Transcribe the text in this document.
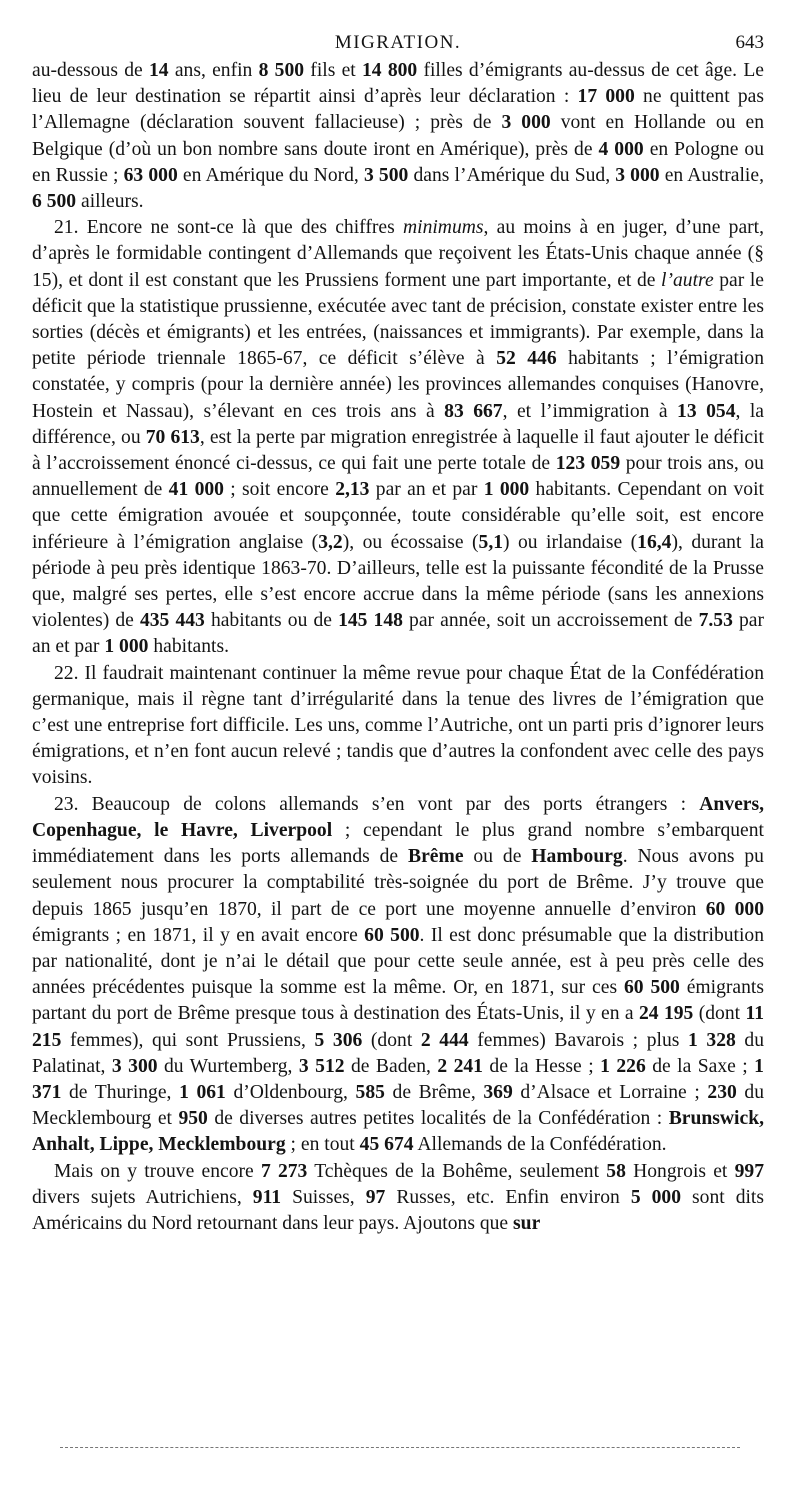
MIGRATION.	643

au-dessous de 14 ans, enfin 8 500 fils et 14 800 filles d’émigrants au-dessus de cet âge. Le lieu de leur destination se répartit ainsi d’après leur déclaration : 17 000 ne quittent pas l’Allemagne (déclaration souvent fallacieuse) ; près de 3 000 vont en Hollande ou en Belgique (d’où un bon nombre sans doute iront en Amérique), près de 4 000 en Pologne ou en Russie ; 63 000 en Amérique du Nord, 3 500 dans l’Amérique du Sud, 3 000 en Australie, 6 500 ailleurs.

21. Encore ne sont-ce là que des chiffres minimums, au moins à en juger, d’une part, d’après le formidable contingent d’Allemands que reçoivent les États-Unis chaque année (§ 15), et dont il est constant que les Prussiens forment une part importante, et de l’autre par le déficit que la statistique prussienne, exécutée avec tant de précision, constate exister entre les sorties (décès et émigrants) et les entrées, (naissances et immigrants). Par exemple, dans la petite période triennale 1865-67, ce déficit s’élève à 52 446 habitants ; l’émigration constatée, y compris (pour la dernière année) les provinces allemandes conquises (Hanovre, Hostein et Nassau), s’élevant en ces trois ans à 83 667, et l’immigration à 13 054, la différence, ou 70 613, est la perte par migration enregistrée à laquelle il faut ajouter le déficit à l’accroissement énoncé ci-dessus, ce qui fait une perte totale de 123 059 pour trois ans, ou annuellement de 41 000 ; soit encore 2,13 par an et par 1 000 habitants. Cependant on voit que cette émigration avouée et soupçonnée, toute considérable qu’elle soit, est encore inférieure à l’émigration anglaise (3,2), ou écossaise (5,1) ou irlandaise (16,4), durant la période à peu près identique 1863-70. D’ailleurs, telle est la puissante fécondité de la Prusse que, malgré ses pertes, elle s’est encore accrue dans la même période (sans les annexions violentes) de 435 443 habitants ou de 145 148 par année, soit un accroissement de 7.53 par an et par 1 000 habitants.

22. Il faudrait maintenant continuer la même revue pour chaque État de la Confédération germanique, mais il règne tant d’irrégularité dans la tenue des livres de l’émigration que c’est une entreprise fort difficile. Les uns, comme l’Autriche, ont un parti pris d’ignorer leurs émigrations, et n’en font aucun relevé ; tandis que d’autres la confondent avec celle des pays voisins.

23. Beaucoup de colons allemands s’en vont par des ports étrangers : Anvers, Copenhague, le Havre, Liverpool ; cependant le plus grand nombre s’embarquent immédiatement dans les ports allemands de Brême ou de Hambourg. Nous avons pu seulement nous procurer la comptabilité très-soignée du port de Brême. J’y trouve que depuis 1865 jusqu’en 1870, il part de ce port une moyenne annuelle d’environ 60 000 émigrants ; en 1871, il y en avait encore 60 500. Il est donc présumable que la distribution par nationalité, dont je n’ai le détail que pour cette seule année, est à peu près celle des années précédentes puisque la somme est la même. Or, en 1871, sur ces 60 500 émigrants partant du port de Brême presque tous à destination des États-Unis, il y en a 24 195 (dont 11 215 femmes), qui sont Prussiens, 5 306 (dont 2 444 femmes) Bavarois ; plus 1 328 du Palatinat, 3 300 du Wurtemberg, 3 512 de Baden, 2 241 de la Hesse ; 1 226 de la Saxe ; 1 371 de Thuringe, 1 061 d’Oldenbourg, 585 de Brême, 369 d’Alsace et Lorraine ; 230 du Mecklembourg et 950 de diverses autres petites localités de la Confédération : Brunswick, Anhalt, Lippe, Mecklembourg ; en tout 45 674 Allemands de la Confédération.

Mais on y trouve encore 7 273 Tchèques de la Bohême, seulement 58 Hongrois et 997 divers sujets Autrichiens, 911 Suisses, 97 Russes, etc. Enfin environ 5 000 sont dits Américains du Nord retournant dans leur pays. Ajoutons que sur
